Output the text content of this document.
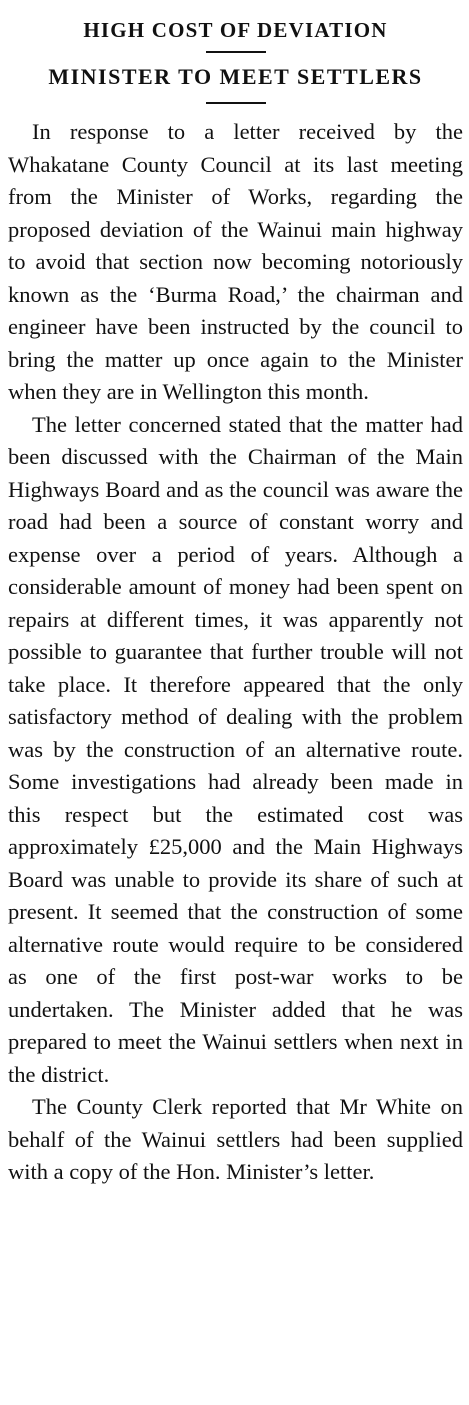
HIGH COST OF DEVIATION
MINISTER TO MEET SETTLERS

In response to a letter received by the Whakatane County Council at its last meeting from the Minister of Works, regarding the proposed deviation of the Wainui main highway to avoid that section now becoming notoriously known as the ‘Burma Road,’ the chairman and engineer have been instructed by the council to bring the matter up once again to the Minister when they are in Wellington this month.

The letter concerned stated that the matter had been discussed with the Chairman of the Main Highways Board and as the council was aware the road had been a source of constant worry and expense over a period of years. Although a considerable amount of money had been spent on repairs at different times, it was apparently not possible to guarantee that further trouble will not take place. It therefore appeared that the only satisfactory method of dealing with the problem was by the construction of an alternative route. Some investigations had already been made in this respect but the estimated cost was approximately £25,000 and the Main Highways Board was unable to provide its share of such at present. It seemed that the construction of some alternative route would require to be considered as one of the first post-war works to be undertaken. The Minister added that he was prepared to meet the Wainui settlers when next in the district.

The County Clerk reported that Mr White on behalf of the Wainui settlers had been supplied with a copy of the Hon. Minister’s letter.
